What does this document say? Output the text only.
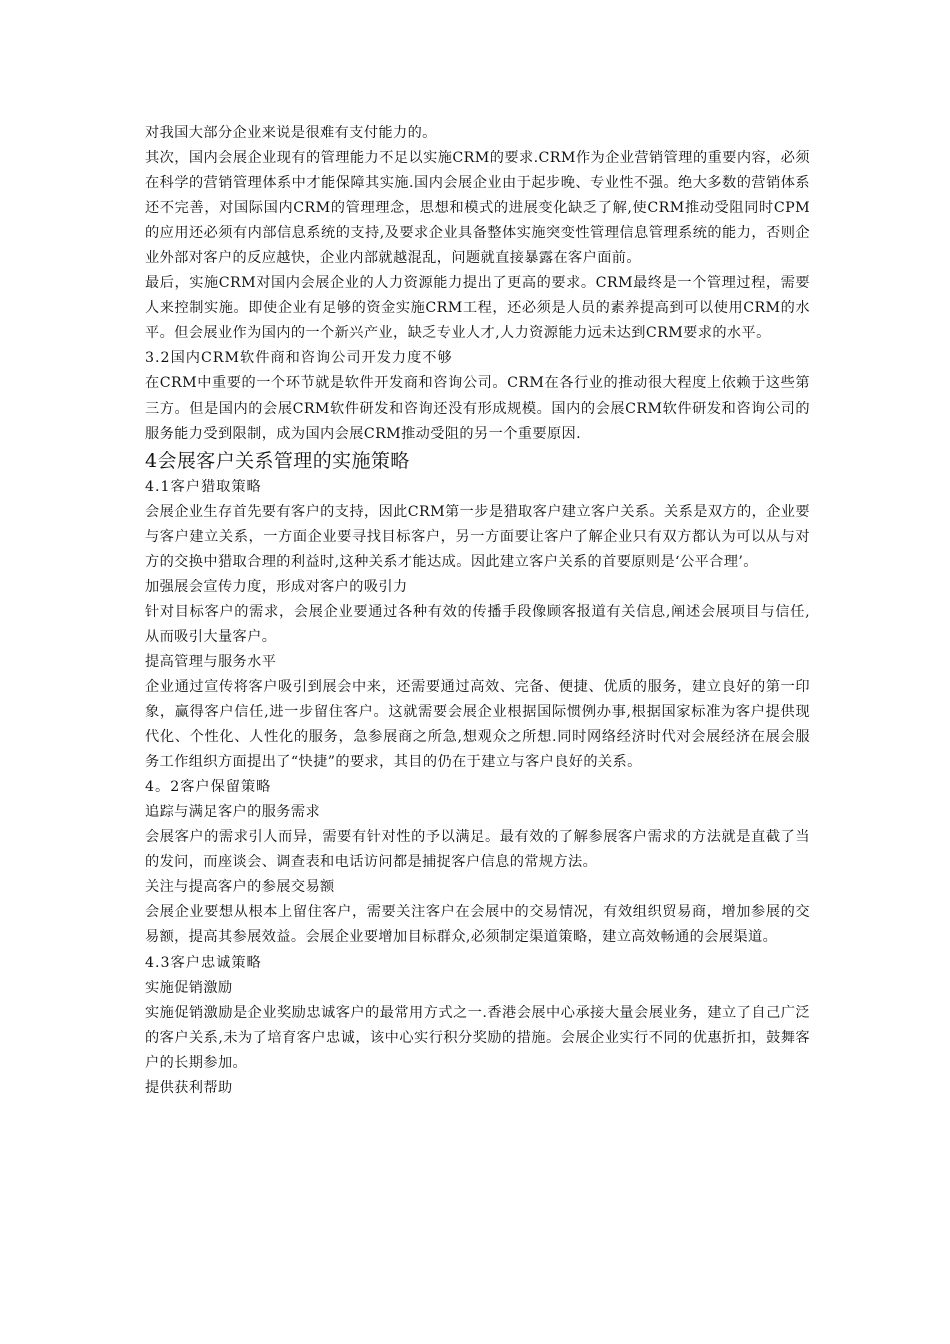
对我国大部分企业来说是很难有支付能力的。

其次，国内会展企业现有的管理能力不足以实施CRM的要求.CRM作为企业营销管理的重要内容，必须在科学的营销管理体系中才能保障其实施.国内会展企业由于起步晚、专业性不强。绝大多数的营销体系还不完善，对国际国内CRM的管理理念，思想和模式的进展变化缺乏了解,使CRM推动受阻同时CPM的应用还必须有内部信息系统的支持,及要求企业具备整体实施突变性管理信息管理系统的能力，否则企业外部对客户的反应越快，企业内部就越混乱，问题就直接暴露在客户面前。

最后，实施CRM对国内会展企业的人力资源能力提出了更高的要求。CRM最终是一个管理过程，需要人来控制实施。即使企业有足够的资金实施CRM工程，还必须是人员的素养提高到可以使用CRM的水平。但会展业作为国内的一个新兴产业，缺乏专业人才,人力资源能力远未达到CRM要求的水平。

3.2国内CRM软件商和咨询公司开发力度不够

在CRM中重要的一个环节就是软件开发商和咨询公司。CRM在各行业的推动很大程度上依赖于这些第三方。但是国内的会展CRM软件研发和咨询还没有形成规模。国内的会展CRM软件研发和咨询公司的服务能力受到限制，成为国内会展CRM推动受阻的另一个重要原因.

4会展客户关系管理的实施策略

4.1客户猎取策略

会展企业生存首先要有客户的支持，因此CRM第一步是猎取客户建立客户关系。关系是双方的，企业要与客户建立关系，一方面企业要寻找目标客户，另一方面要让客户了解企业只有双方都认为可以从与对方的交换中猎取合理的利益时,这种关系才能达成。因此建立客户关系的首要原则是‘公平合理’。

加强展会宣传力度，形成对客户的吸引力

针对目标客户的需求，会展企业要通过各种有效的传播手段像顾客报道有关信息,阐述会展项目与信任,从而吸引大量客户。

提高管理与服务水平

企业通过宣传将客户吸引到展会中来，还需要通过高效、完备、便捷、优质的服务，建立良好的第一印象，赢得客户信任,进一步留住客户。这就需要会展企业根据国际惯例办事,根据国家标准为客户提供现代化、个性化、人性化的服务，急参展商之所急,想观众之所想.同时网络经济时代对会展经济在展会服务工作组织方面提出了“快捷”的要求，其目的仍在于建立与客户良好的关系。

4。2客户保留策略

追踪与满足客户的服务需求

会展客户的需求引人而异，需要有针对性的予以满足。最有效的了解参展客户需求的方法就是直截了当的发问，而座谈会、调查表和电话访问都是捕捉客户信息的常规方法。

关注与提高客户的参展交易额

会展企业要想从根本上留住客户，需要关注客户在会展中的交易情况，有效组织贸易商，增加参展的交易额，提高其参展效益。会展企业要增加目标群众,必须制定渠道策略，建立高效畅通的会展渠道。

4.3客户忠诚策略

实施促销激励

实施促销激励是企业奖励忠诚客户的最常用方式之一.香港会展中心承接大量会展业务，建立了自己广泛的客户关系,未为了培育客户忠诚，该中心实行积分奖励的措施。会展企业实行不同的优惠折扣，鼓舞客户的长期参加。

提供获利帮助
